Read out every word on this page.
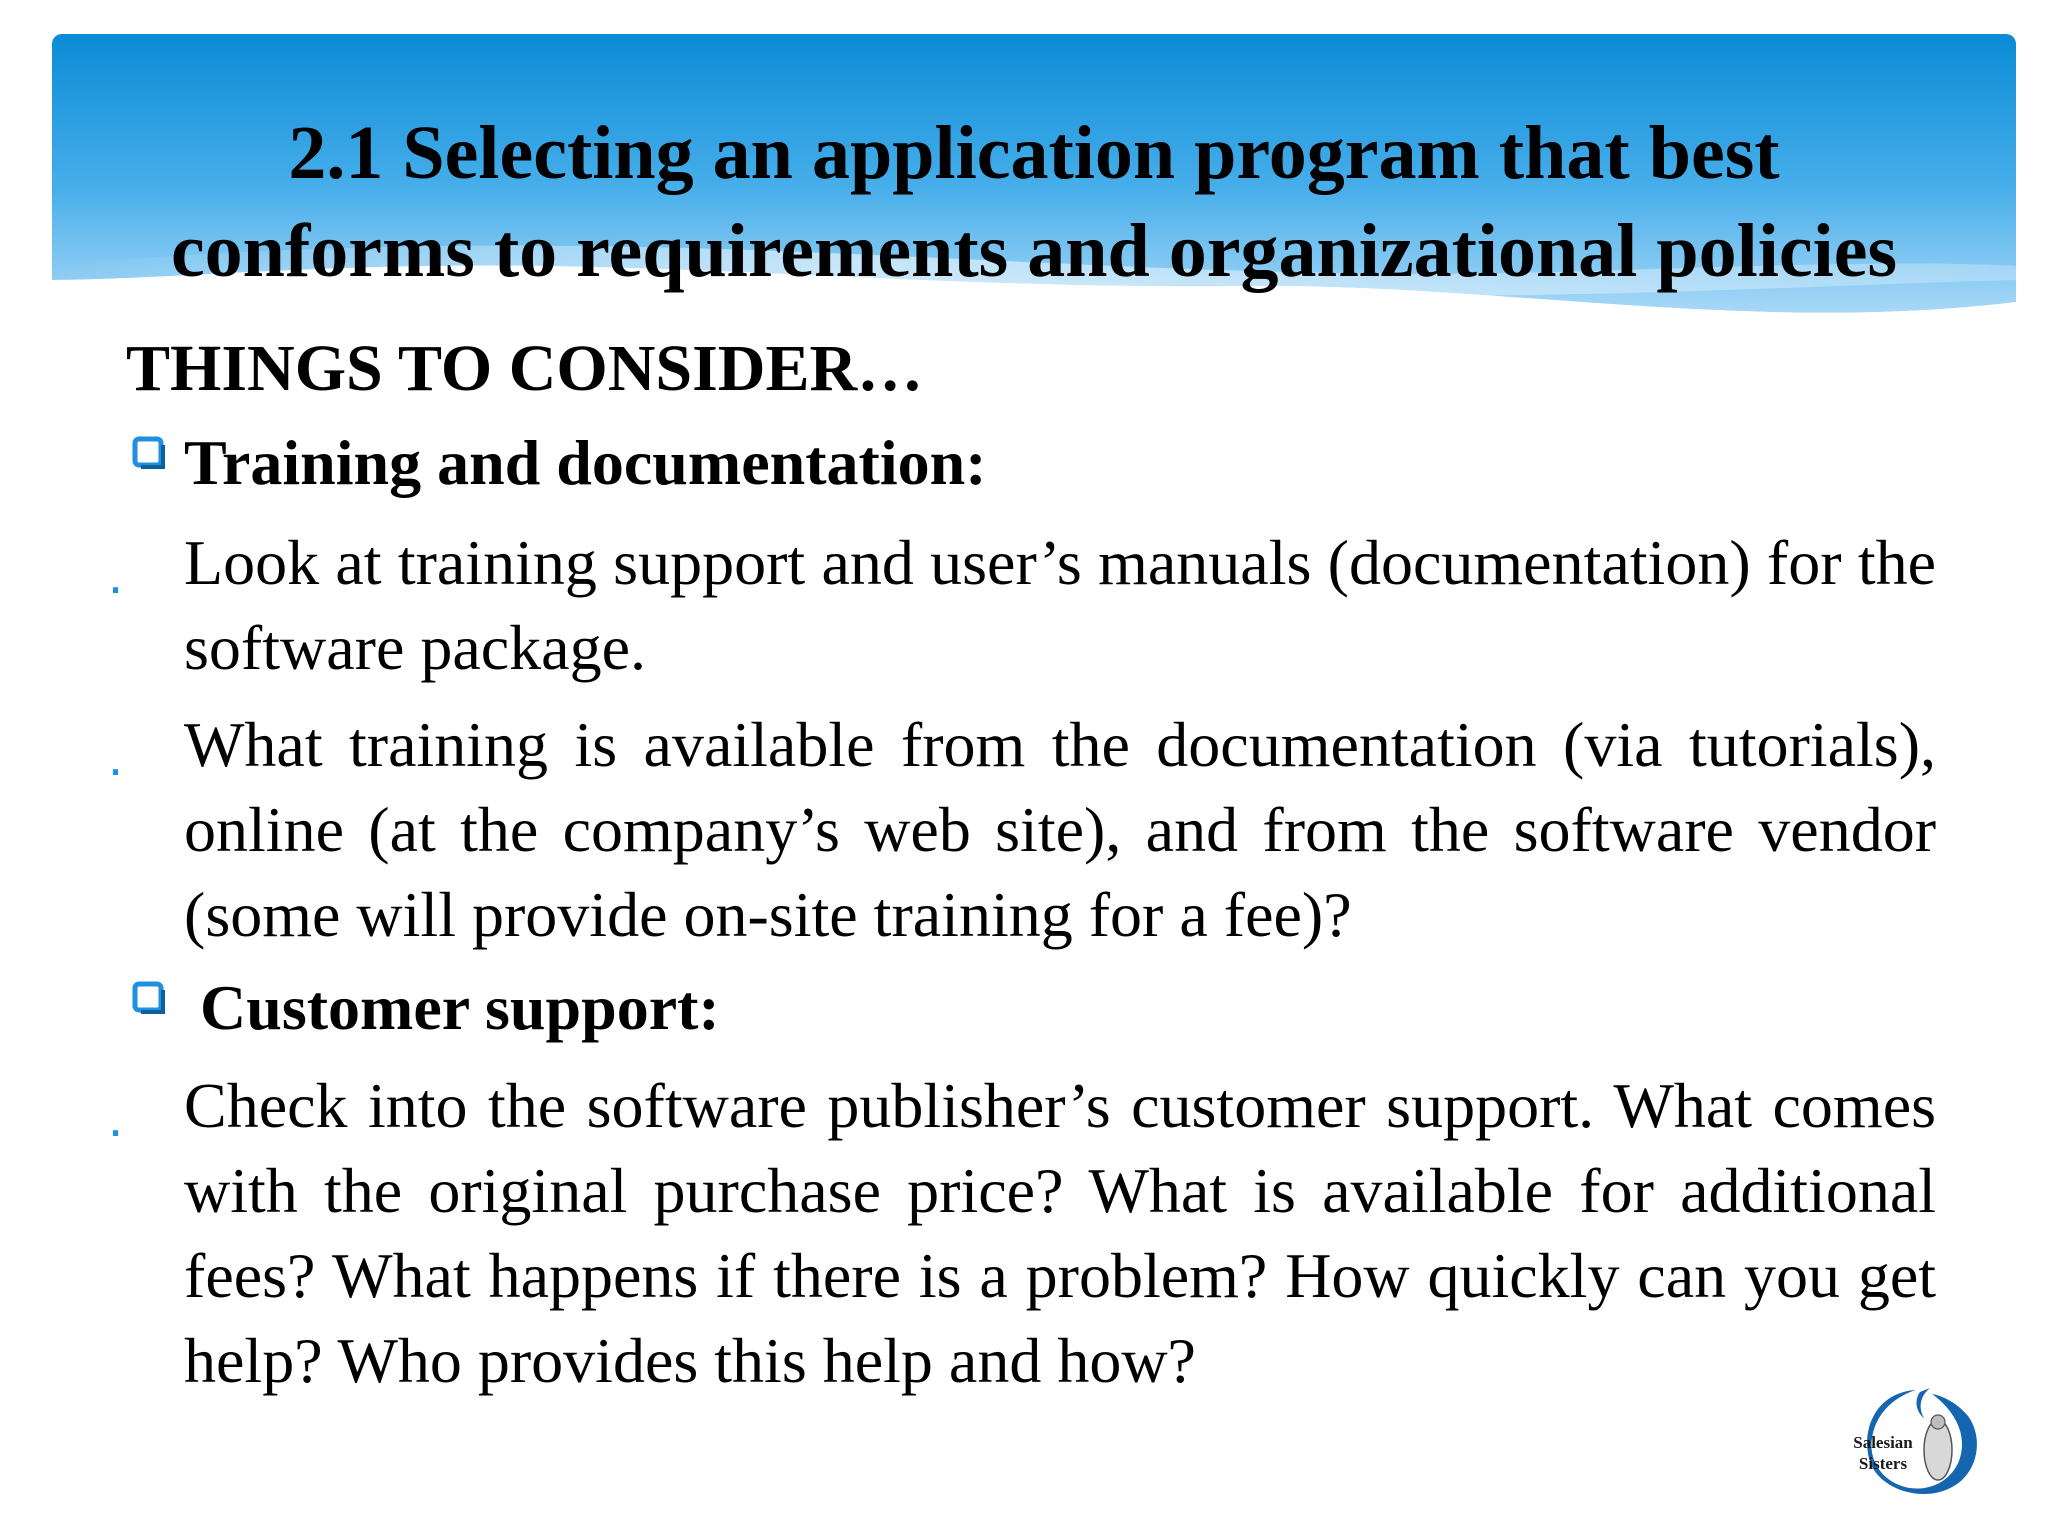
2.1 Selecting an application program that best
conforms to requirements and organizational policies
THINGS TO CONSIDER…
Training and documentation:
. Look at training support and user’s manuals (documentation) for the software package.

. What training is available from the documentation (via tutorials), online (at the company’s web site), and from the software vendor (some will provide on-site training for a fee)?

Customer support:
. Check into the software publisher’s customer support. What comes with the original purchase price? What is available for additional fees? What happens if there is a problem? How quickly can you get help? Who provides this help and how?

Salesian
Sisters
